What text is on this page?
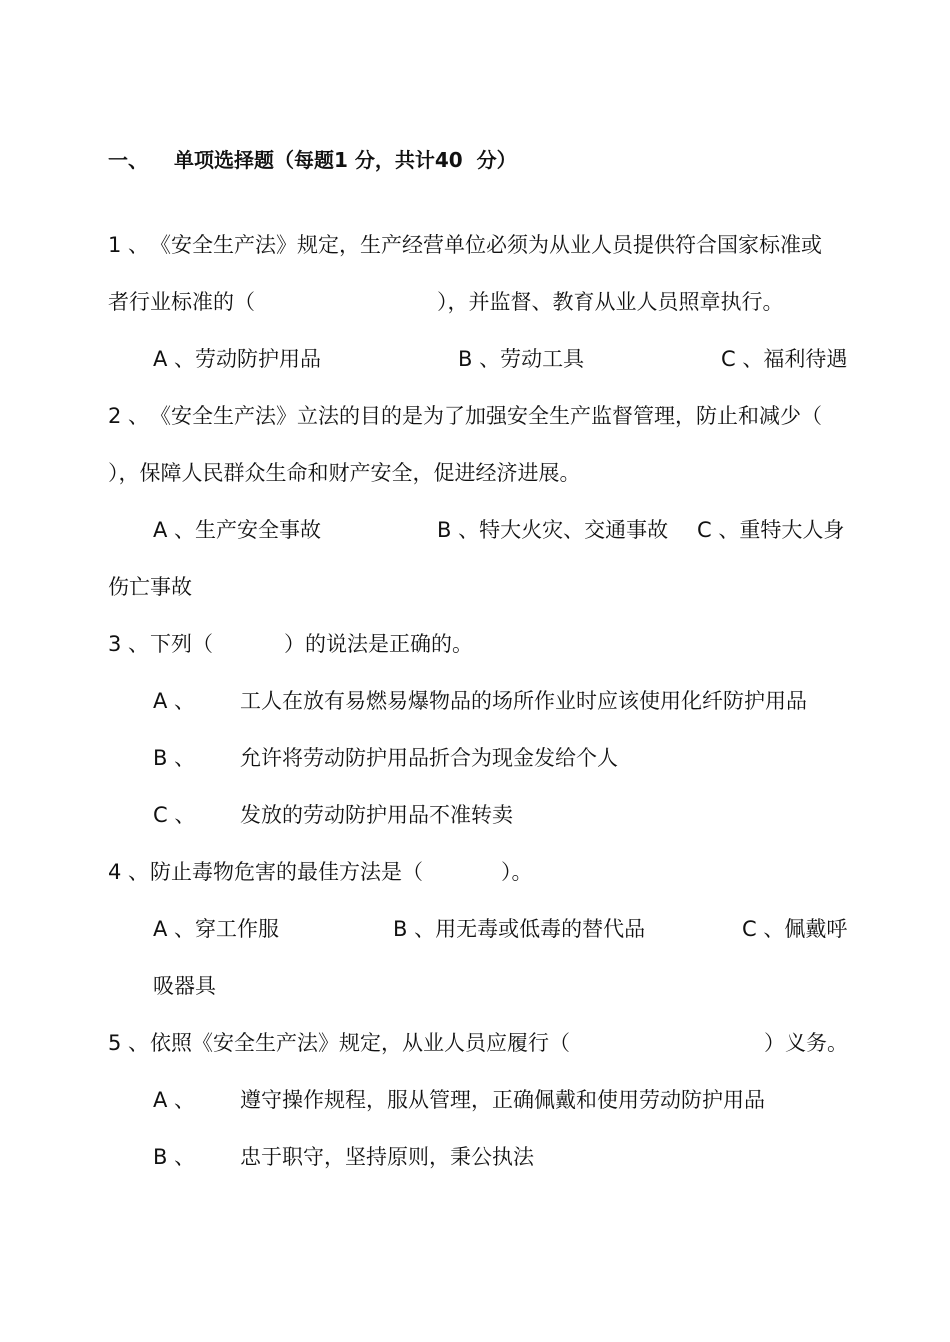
一、 单项选择题（每题1 分，共计40  分）
1 、 《安全生产法》规定，生产经营单位必须为从业人员提供符合国家标准或
者行业标准的（	），并监督、教育从业人员照章执行。
A 、劳动防护用品	B 、劳动工具	C 、福利待遇
2 、 《安全生产法》立法的目的是为了加强安全生产监督管理，防止和减少（
），保障人民群众生命和财产安全，促进经济进展。
A 、生产安全事故	B 、特大火灾、交通事故 C 、重特大人身
伤亡事故
3 、 下列（	）的说法是正确的。
A 、 工人在放有易燃易爆物品的场所作业时应该使用化纤防护用品
B 、 允许将劳动防护用品折合为现金发给个人
C 、 发放的劳动防护用品不准转卖
4 、 防止毒物危害的最佳方法是（	）。
A 、穿工作服	B 、用无毒或低毒的替代品	C 、佩戴呼
吸器具
5 、 依照《安全生产法》规定，从业人员应履行（	）义务。
A 、 遵守操作规程，服从管理，正确佩戴和使用劳动防护用品
B 、 忠于职守，坚持原则，秉公执法
